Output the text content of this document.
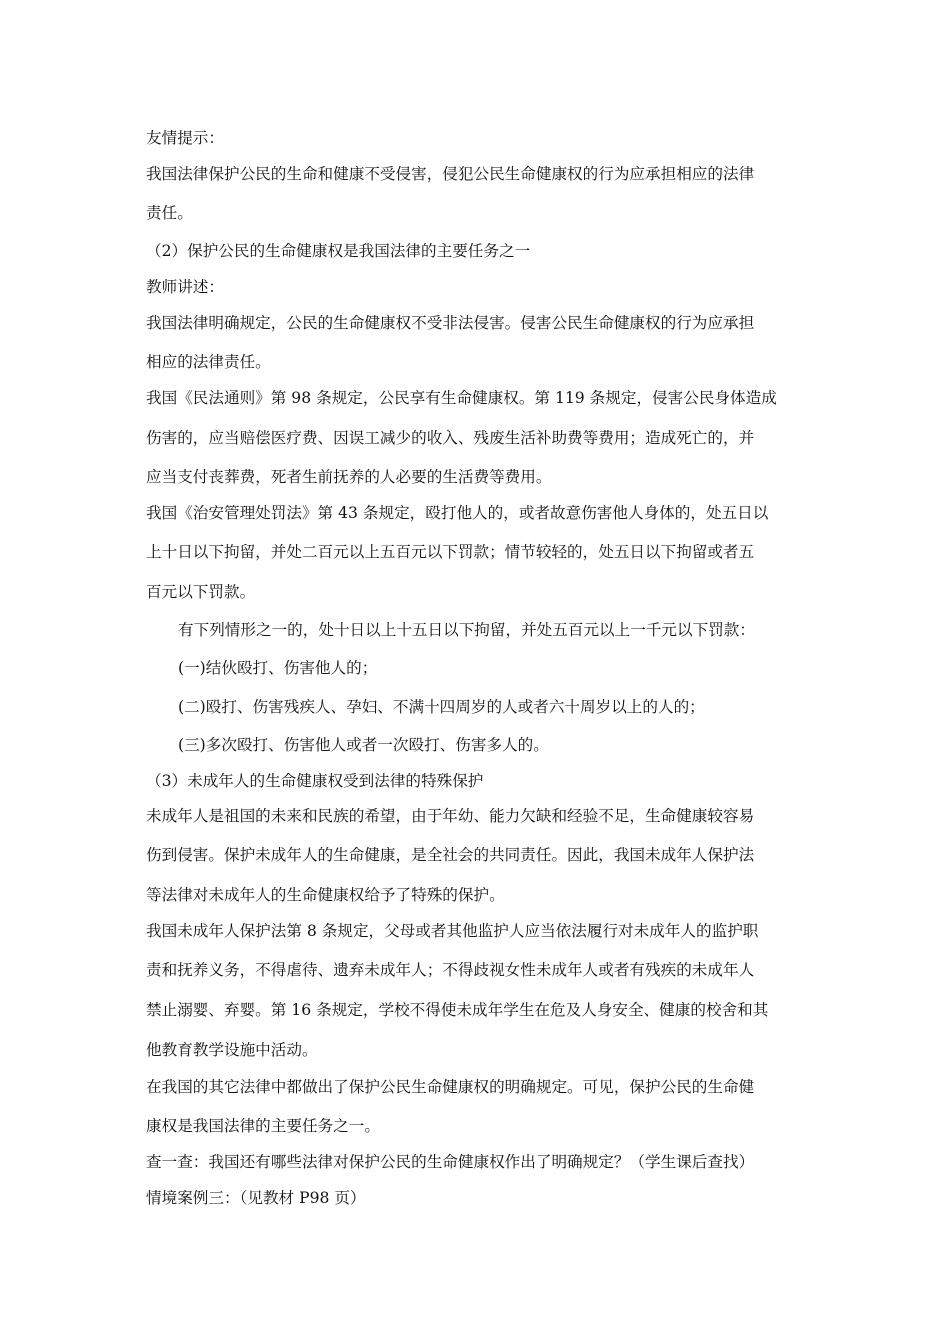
友情提示：
我国法律保护公民的生命和健康不受侵害，侵犯公民生命健康权的行为应承担相应的法律
责任。
（2）保护公民的生命健康权是我国法律的主要任务之一
教师讲述：
我国法律明确规定，公民的生命健康权不受非法侵害。侵害公民生命健康权的行为应承担
相应的法律责任。
我国《民法通则》第 98 条规定，公民享有生命健康权。第 119 条规定，侵害公民身体造成
伤害的，应当赔偿医疗费、因误工减少的收入、残废生活补助费等费用；造成死亡的，并
应当支付丧葬费，死者生前抚养的人必要的生活费等费用。
我国《治安管理处罚法》第 43 条规定，殴打他人的，或者故意伤害他人身体的，处五日以
上十日以下拘留，并处二百元以上五百元以下罚款；情节较轻的，处五日以下拘留或者五
百元以下罚款。
有下列情形之一的，处十日以上十五日以下拘留，并处五百元以上一千元以下罚款：
(一)结伙殴打、伤害他人的；
(二)殴打、伤害残疾人、孕妇、不满十四周岁的人或者六十周岁以上的人的；
(三)多次殴打、伤害他人或者一次殴打、伤害多人的。
（3）未成年人的生命健康权受到法律的特殊保护
未成年人是祖国的未来和民族的希望，由于年幼、能力欠缺和经验不足，生命健康较容易
伤到侵害。保护未成年人的生命健康，是全社会的共同责任。因此，我国未成年人保护法
等法律对未成年人的生命健康权给予了特殊的保护。
我国未成年人保护法第 8 条规定，父母或者其他监护人应当依法履行对未成年人的监护职
责和抚养义务，不得虐待、遗弃未成年人；不得歧视女性未成年人或者有残疾的未成年人
禁止溺婴、弃婴。第 16 条规定，学校不得使未成年学生在危及人身安全、健康的校舍和其
他教育教学设施中活动。
在我国的其它法律中都做出了保护公民生命健康权的明确规定。可见，保护公民的生命健
康权是我国法律的主要任务之一。
查一查：我国还有哪些法律对保护公民的生命健康权作出了明确规定？（学生课后查找）
情境案例三：（见教材 P98 页）
